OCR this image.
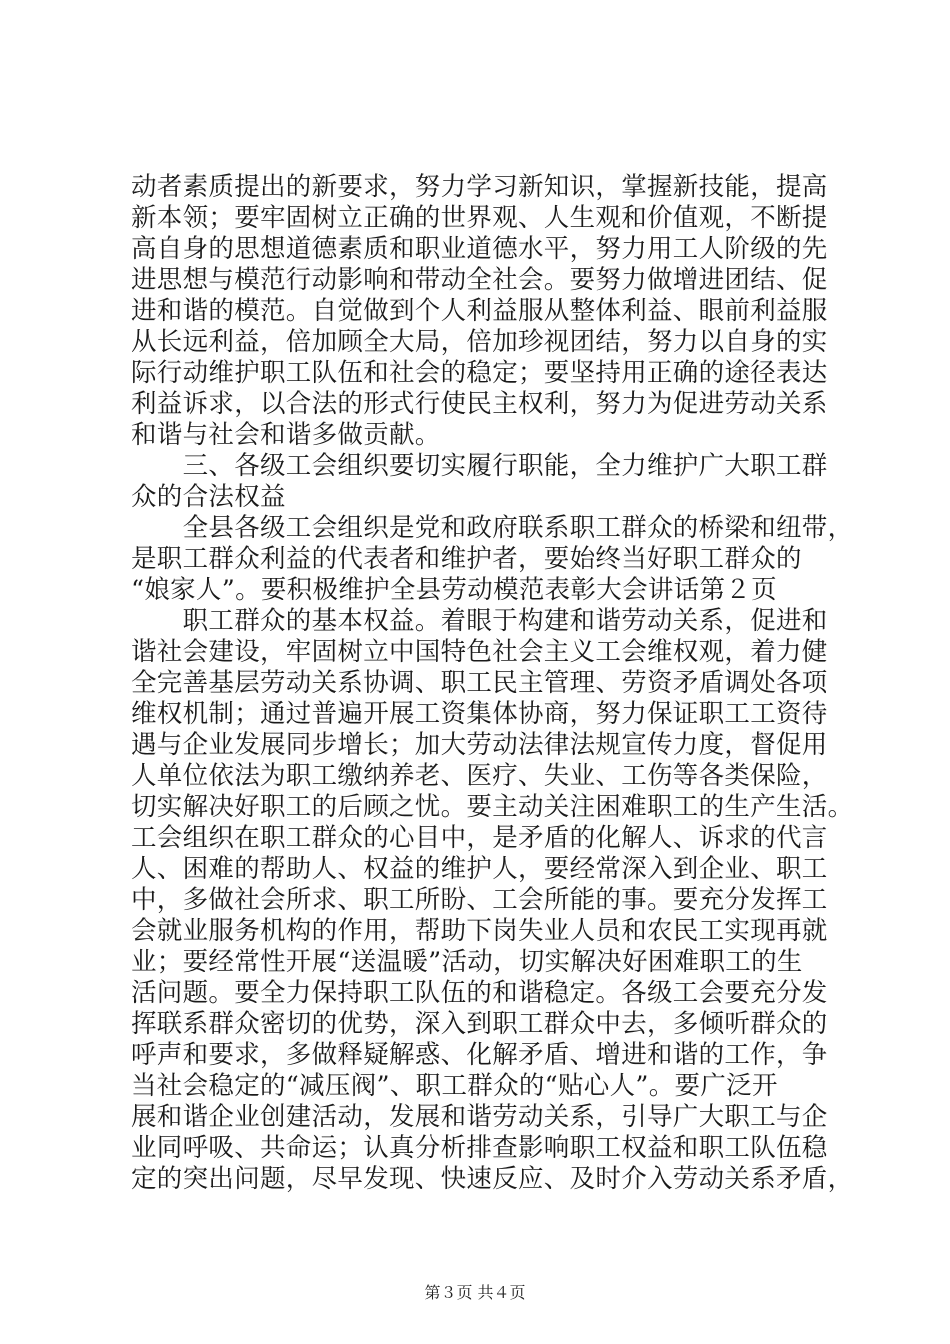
动者素质提出的新要求，努力学习新知识，掌握新技能，提高
新本领；要牢固树立正确的世界观、人生观和价值观，不断提
高自身的思想道德素质和职业道德水平，努力用工人阶级的先
进思想与模范行动影响和带动全社会。要努力做增进团结、促
进和谐的模范。自觉做到个人利益服从整体利益、眼前利益服
从长远利益，倍加顾全大局，倍加珍视团结，努力以自身的实
际行动维护职工队伍和社会的稳定；要坚持用正确的途径表达
利益诉求，以合法的形式行使民主权利，努力为促进劳动关系
和谐与社会和谐多做贡献。
　　三、各级工会组织要切实履行职能，全力维护广大职工群
众的合法权益
　　全县各级工会组织是党和政府联系职工群众的桥梁和纽带，
是职工群众利益的代表者和维护者，要始终当好职工群众的
“娘家人”。要积极维护全县劳动模范表彰大会讲话第２页
　　职工群众的基本权益。着眼于构建和谐劳动关系，促进和
谐社会建设，牢固树立中国特色社会主义工会维权观，着力健
全完善基层劳动关系协调、职工民主管理、劳资矛盾调处各项
维权机制；通过普遍开展工资集体协商，努力保证职工工资待
遇与企业发展同步增长；加大劳动法律法规宣传力度，督促用
人单位依法为职工缴纳养老、医疗、失业、工伤等各类保险，
切实解决好职工的后顾之忧。要主动关注困难职工的生产生活。
工会组织在职工群众的心目中，是矛盾的化解人、诉求的代言
人、困难的帮助人、权益的维护人，要经常深入到企业、职工
中，多做社会所求、职工所盼、工会所能的事。要充分发挥工
会就业服务机构的作用，帮助下岗失业人员和农民工实现再就
业；要经常性开展“送温暖”活动，切实解决好困难职工的生
活问题。要全力保持职工队伍的和谐稳定。各级工会要充分发
挥联系群众密切的优势，深入到职工群众中去，多倾听群众的
呼声和要求，多做释疑解惑、化解矛盾、增进和谐的工作，争
当社会稳定的“减压阀”、职工群众的“贴心人”。要广泛开
展和谐企业创建活动，发展和谐劳动关系，引导广大职工与企
业同呼吸、共命运；认真分析排查影响职工权益和职工队伍稳
定的突出问题，尽早发现、快速反应、及时介入劳动关系矛盾，
第３页 共４页
